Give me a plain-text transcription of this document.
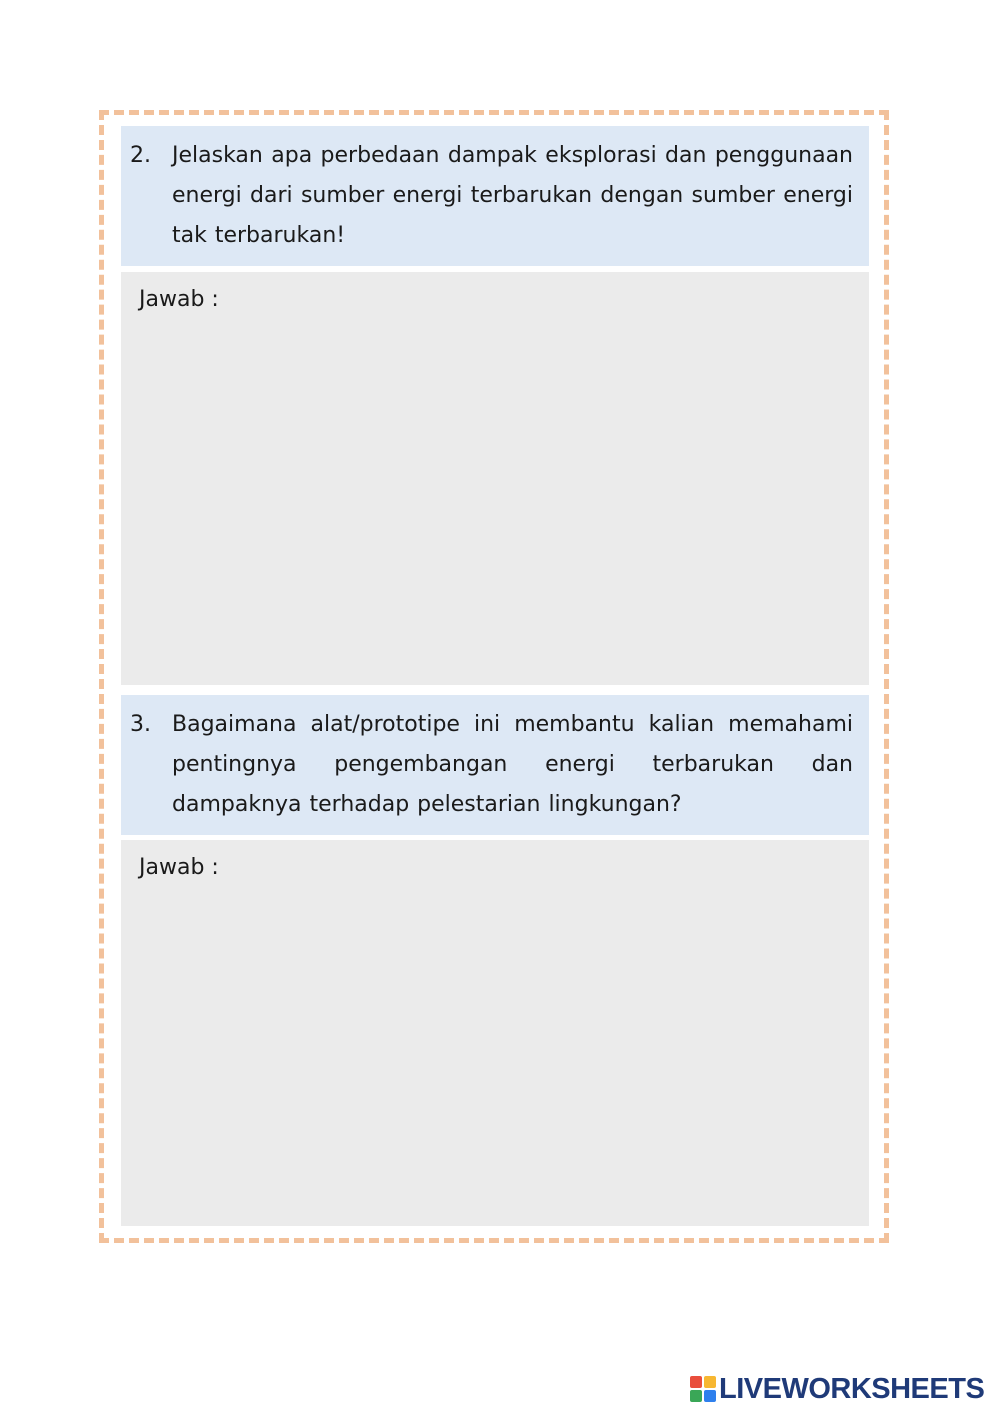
2. Jelaskan apa perbedaan dampak eksplorasi dan penggunaan energi dari sumber energi terbarukan dengan sumber energi tak terbarukan!
Jawab :
3. Bagaimana alat/prototipe ini membantu kalian memahami pentingnya pengembangan energi terbarukan dan dampaknya terhadap pelestarian lingkungan?
Jawab :
LIVEWORKSHEETS
